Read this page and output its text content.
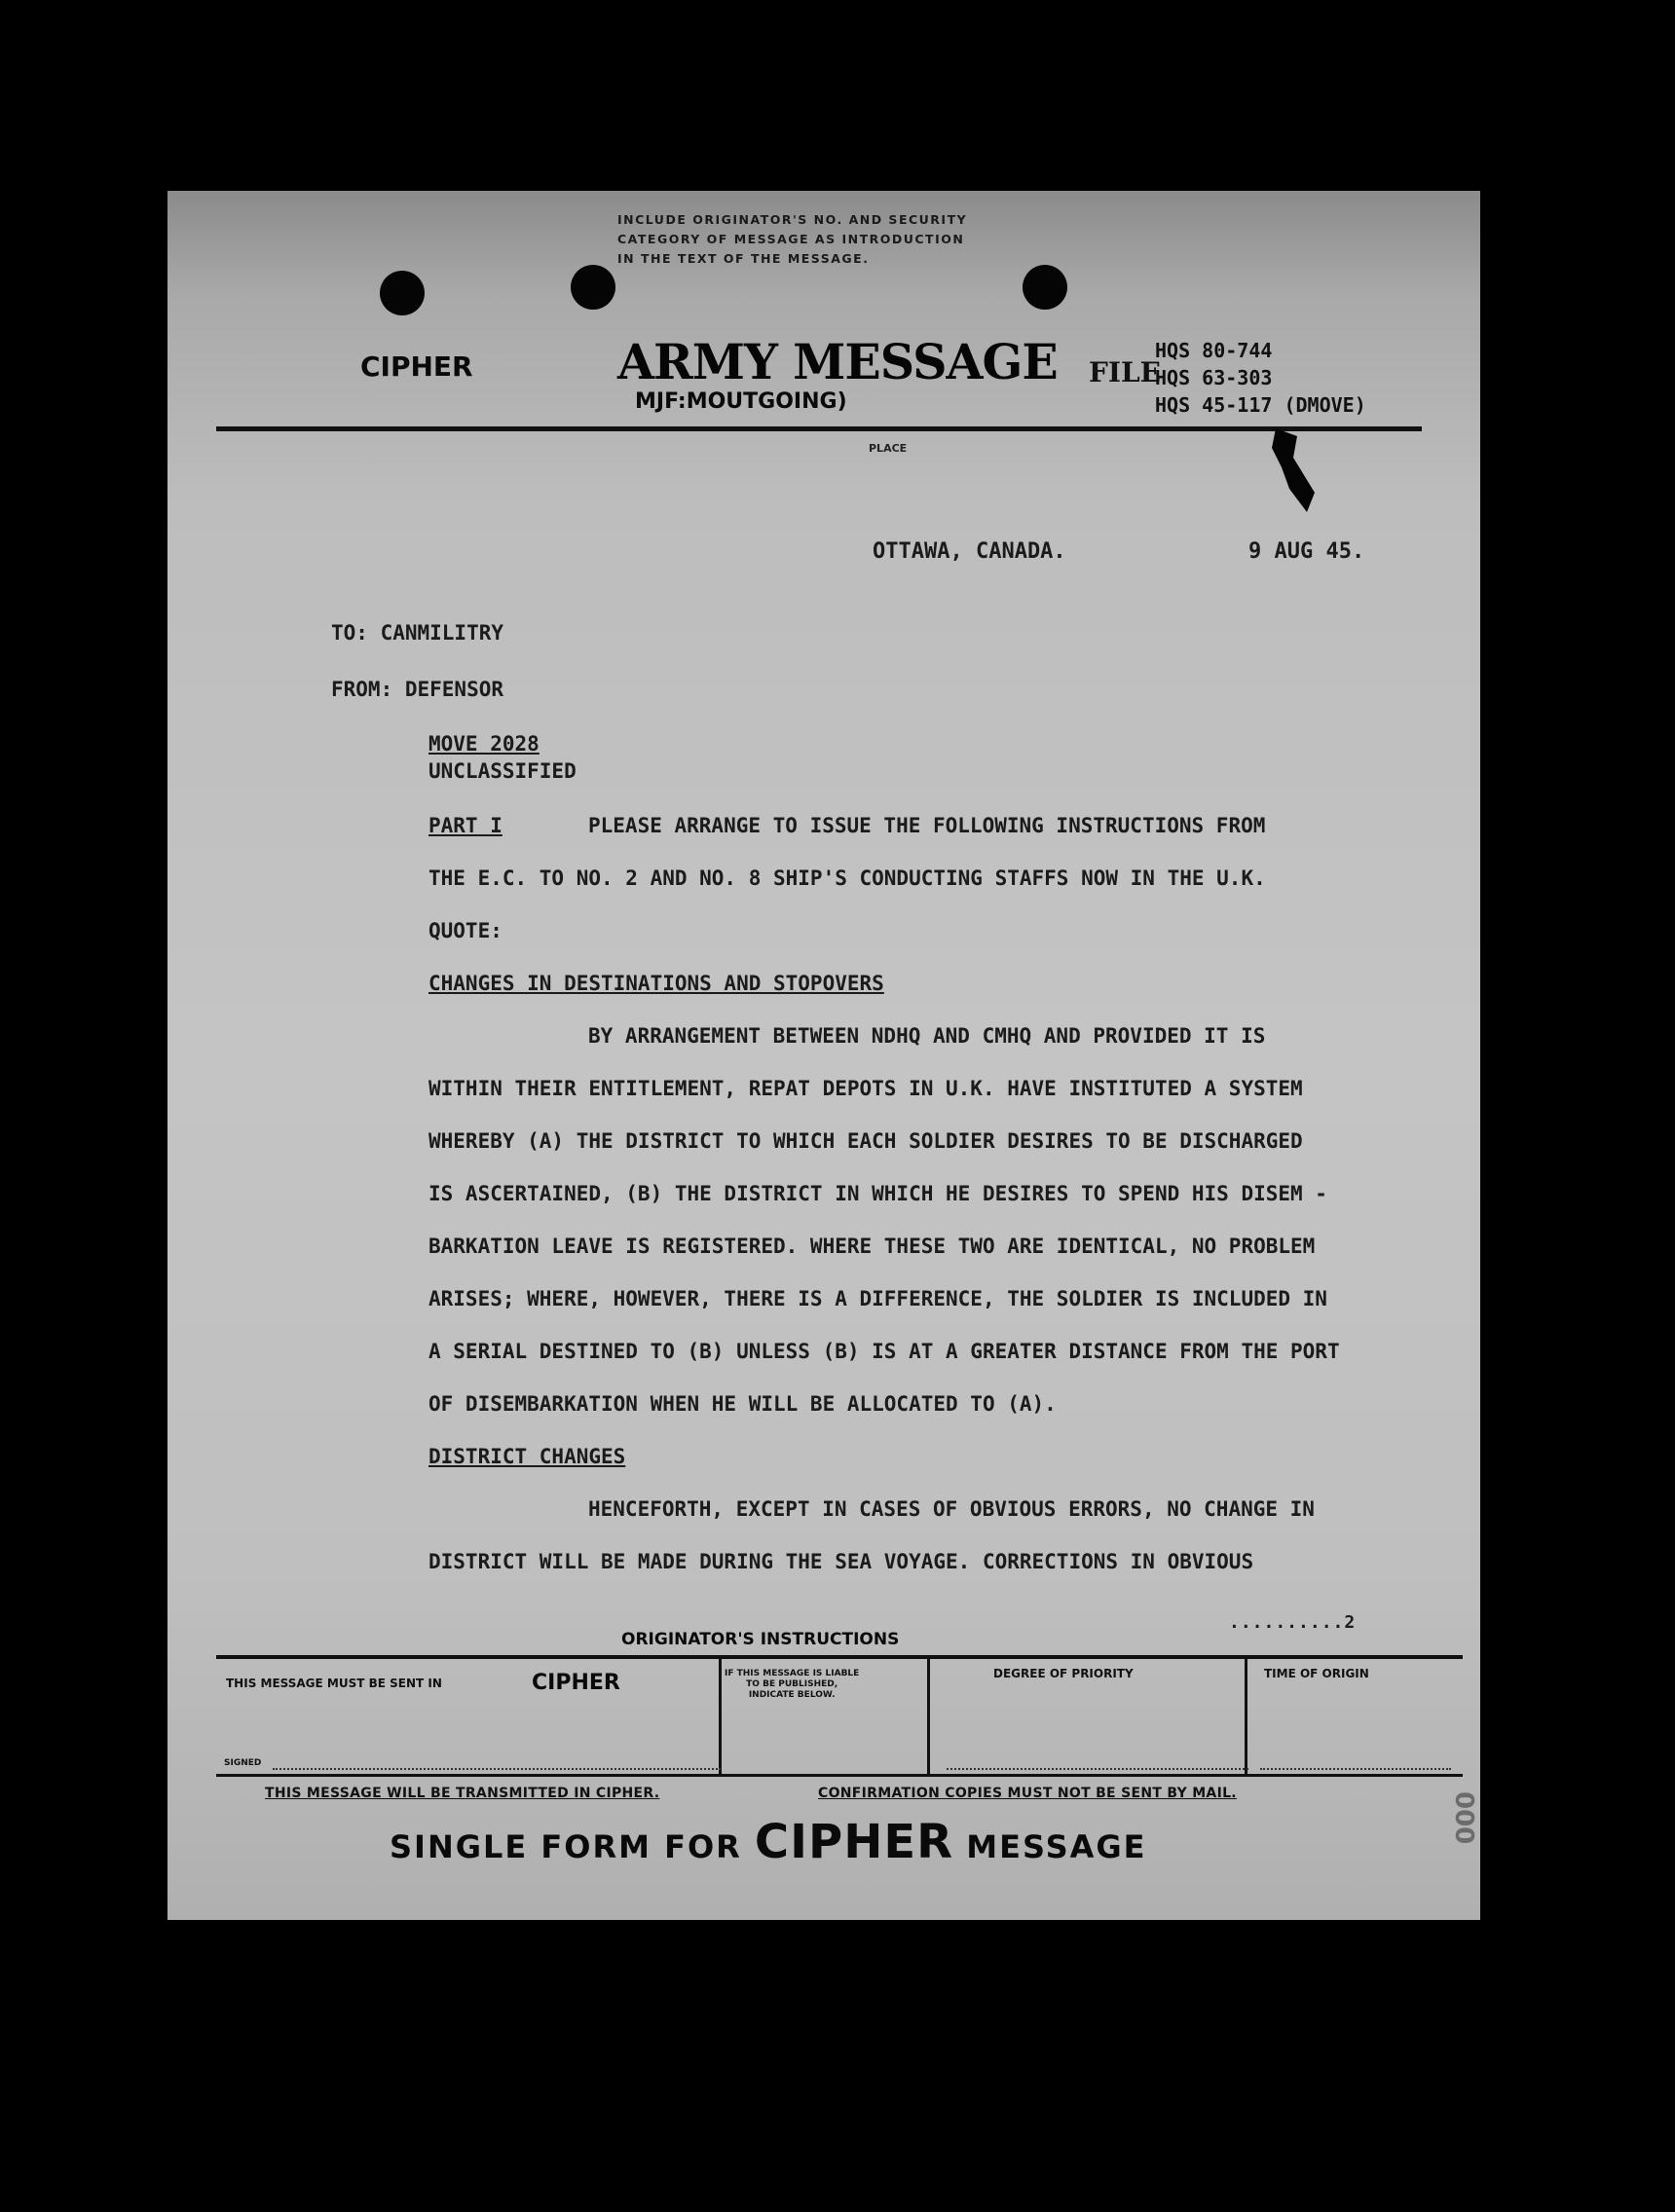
INCLUDE ORIGINATOR'S NO. AND SECURITY
CATEGORY OF MESSAGE AS INTRODUCTION
IN THE TEXT OF THE MESSAGE.
CIPHER	ARMY MESSAGE
MJF:MOUTGOING)
FILE
HQS 80-744
HQS 63-303
HQS 45-117 (DMOVE)
PLACE
OTTAWA, CANADA.	9 AUG 45.
TO: CANMILITRY
FROM: DEFENSOR
MOVE 2028
UNCLASSIFIED
PART I	PLEASE ARRANGE TO ISSUE THE FOLLOWING INSTRUCTIONS FROM
THE E.C. TO NO. 2 AND NO. 8 SHIP'S CONDUCTING STAFFS NOW IN THE U.K.
QUOTE:
CHANGES IN DESTINATIONS AND STOPOVERS
BY ARRANGEMENT BETWEEN NDHQ AND CMHQ AND PROVIDED IT IS
WITHIN THEIR ENTITLEMENT, REPAT DEPOTS IN U.K. HAVE INSTITUTED A SYSTEM
WHEREBY (A) THE DISTRICT TO WHICH EACH SOLDIER DESIRES TO BE DISCHARGED
IS ASCERTAINED, (B) THE DISTRICT IN WHICH HE DESIRES TO SPEND HIS DISEM -
BARKATION LEAVE IS REGISTERED. WHERE THESE TWO ARE IDENTICAL, NO PROBLEM
ARISES; WHERE, HOWEVER, THERE IS A DIFFERENCE, THE SOLDIER IS INCLUDED IN
A SERIAL DESTINED TO (B) UNLESS (B) IS AT A GREATER DISTANCE FROM THE PORT
OF DISEMBARKATION WHEN HE WILL BE ALLOCATED TO (A).
DISTRICT CHANGES
HENCEFORTH, EXCEPT IN CASES OF OBVIOUS ERRORS, NO CHANGE IN
DISTRICT WILL BE MADE DURING THE SEA VOYAGE. CORRECTIONS IN OBVIOUS
..........2
ORIGINATOR'S INSTRUCTIONS
THIS MESSAGE MUST BE SENT IN	CIPHER	IF THIS MESSAGE IS LIABLE
TO BE PUBLISHED,
INDICATE BELOW.
DEGREE OF PRIORITY	TIME OF ORIGIN
SIGNED
THIS MESSAGE WILL BE TRANSMITTED IN CIPHER.	CONFIRMATION COPIES MUST NOT BE SENT BY MAIL.
SINGLE FORM FOR CIPHER MESSAGE
000
